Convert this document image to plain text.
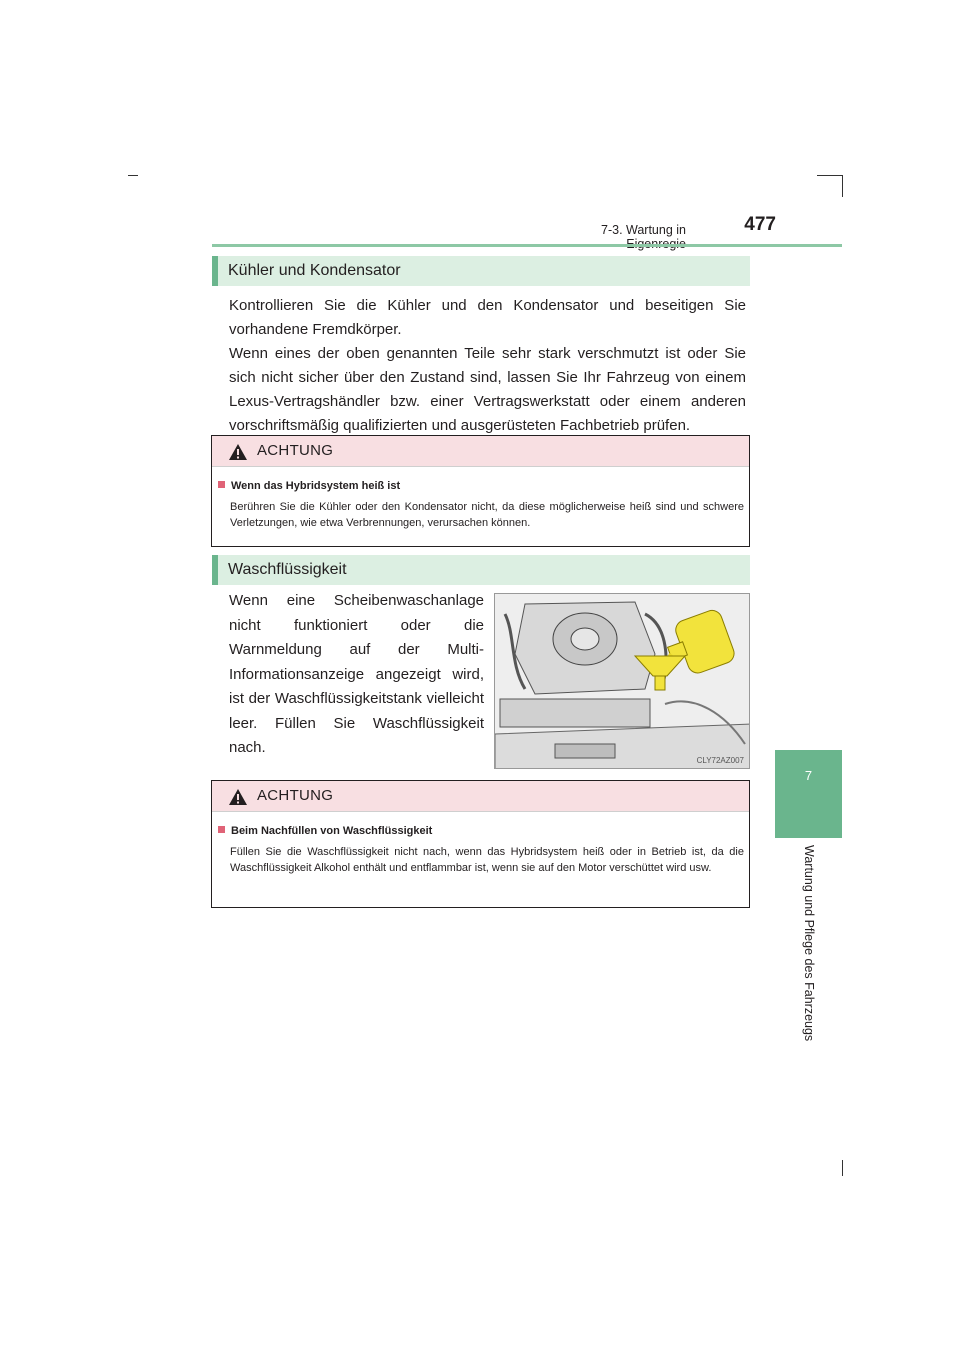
7-3. Wartung in	477
7
Wartung und Pflege des Fahrzeugs
Kühler und Kondensator

Kontrollieren Sie die Kühler und den Kondensator und beseitigen Sie vorhandene Fremdkörper.

Wenn eines der oben genannten Teile sehr stark verschmutzt ist oder Sie sich nicht sicher über den Zustand sind, lassen Sie Ihr Fahrzeug von einem Lexus-Vertragshändler bzw. einer Vertragswerkstatt oder einem anderen vorschriftsmäßig qualifizierten und ausgerüsteten Fachbetrieb prüfen.

ACHTUNG
Wenn das Hybridsystem heiß ist
Berühren Sie die Kühler oder den Kondensator nicht, da diese möglicherweise heiß sind und schwere Verletzungen, wie etwa Verbrennungen, verursachen können.
Waschflüssigkeit

Wenn eine Scheibenwaschanlage nicht funktioniert oder die Warnmeldung auf der Multi-Informationsanzeige angezeigt wird, ist der Waschflüssigkeitstank vielleicht leer. Füllen Sie Waschflüssigkeit nach.

CLY72AZ007
ACHTUNG
Beim Nachfüllen von Waschflüssigkeit
Füllen Sie die Waschflüssigkeit nicht nach, wenn das Hybridsystem heiß oder in Betrieb ist, da die Waschflüssigkeit Alkohol enthält und entflammbar ist, wenn sie auf den Motor verschüttet wird usw.
